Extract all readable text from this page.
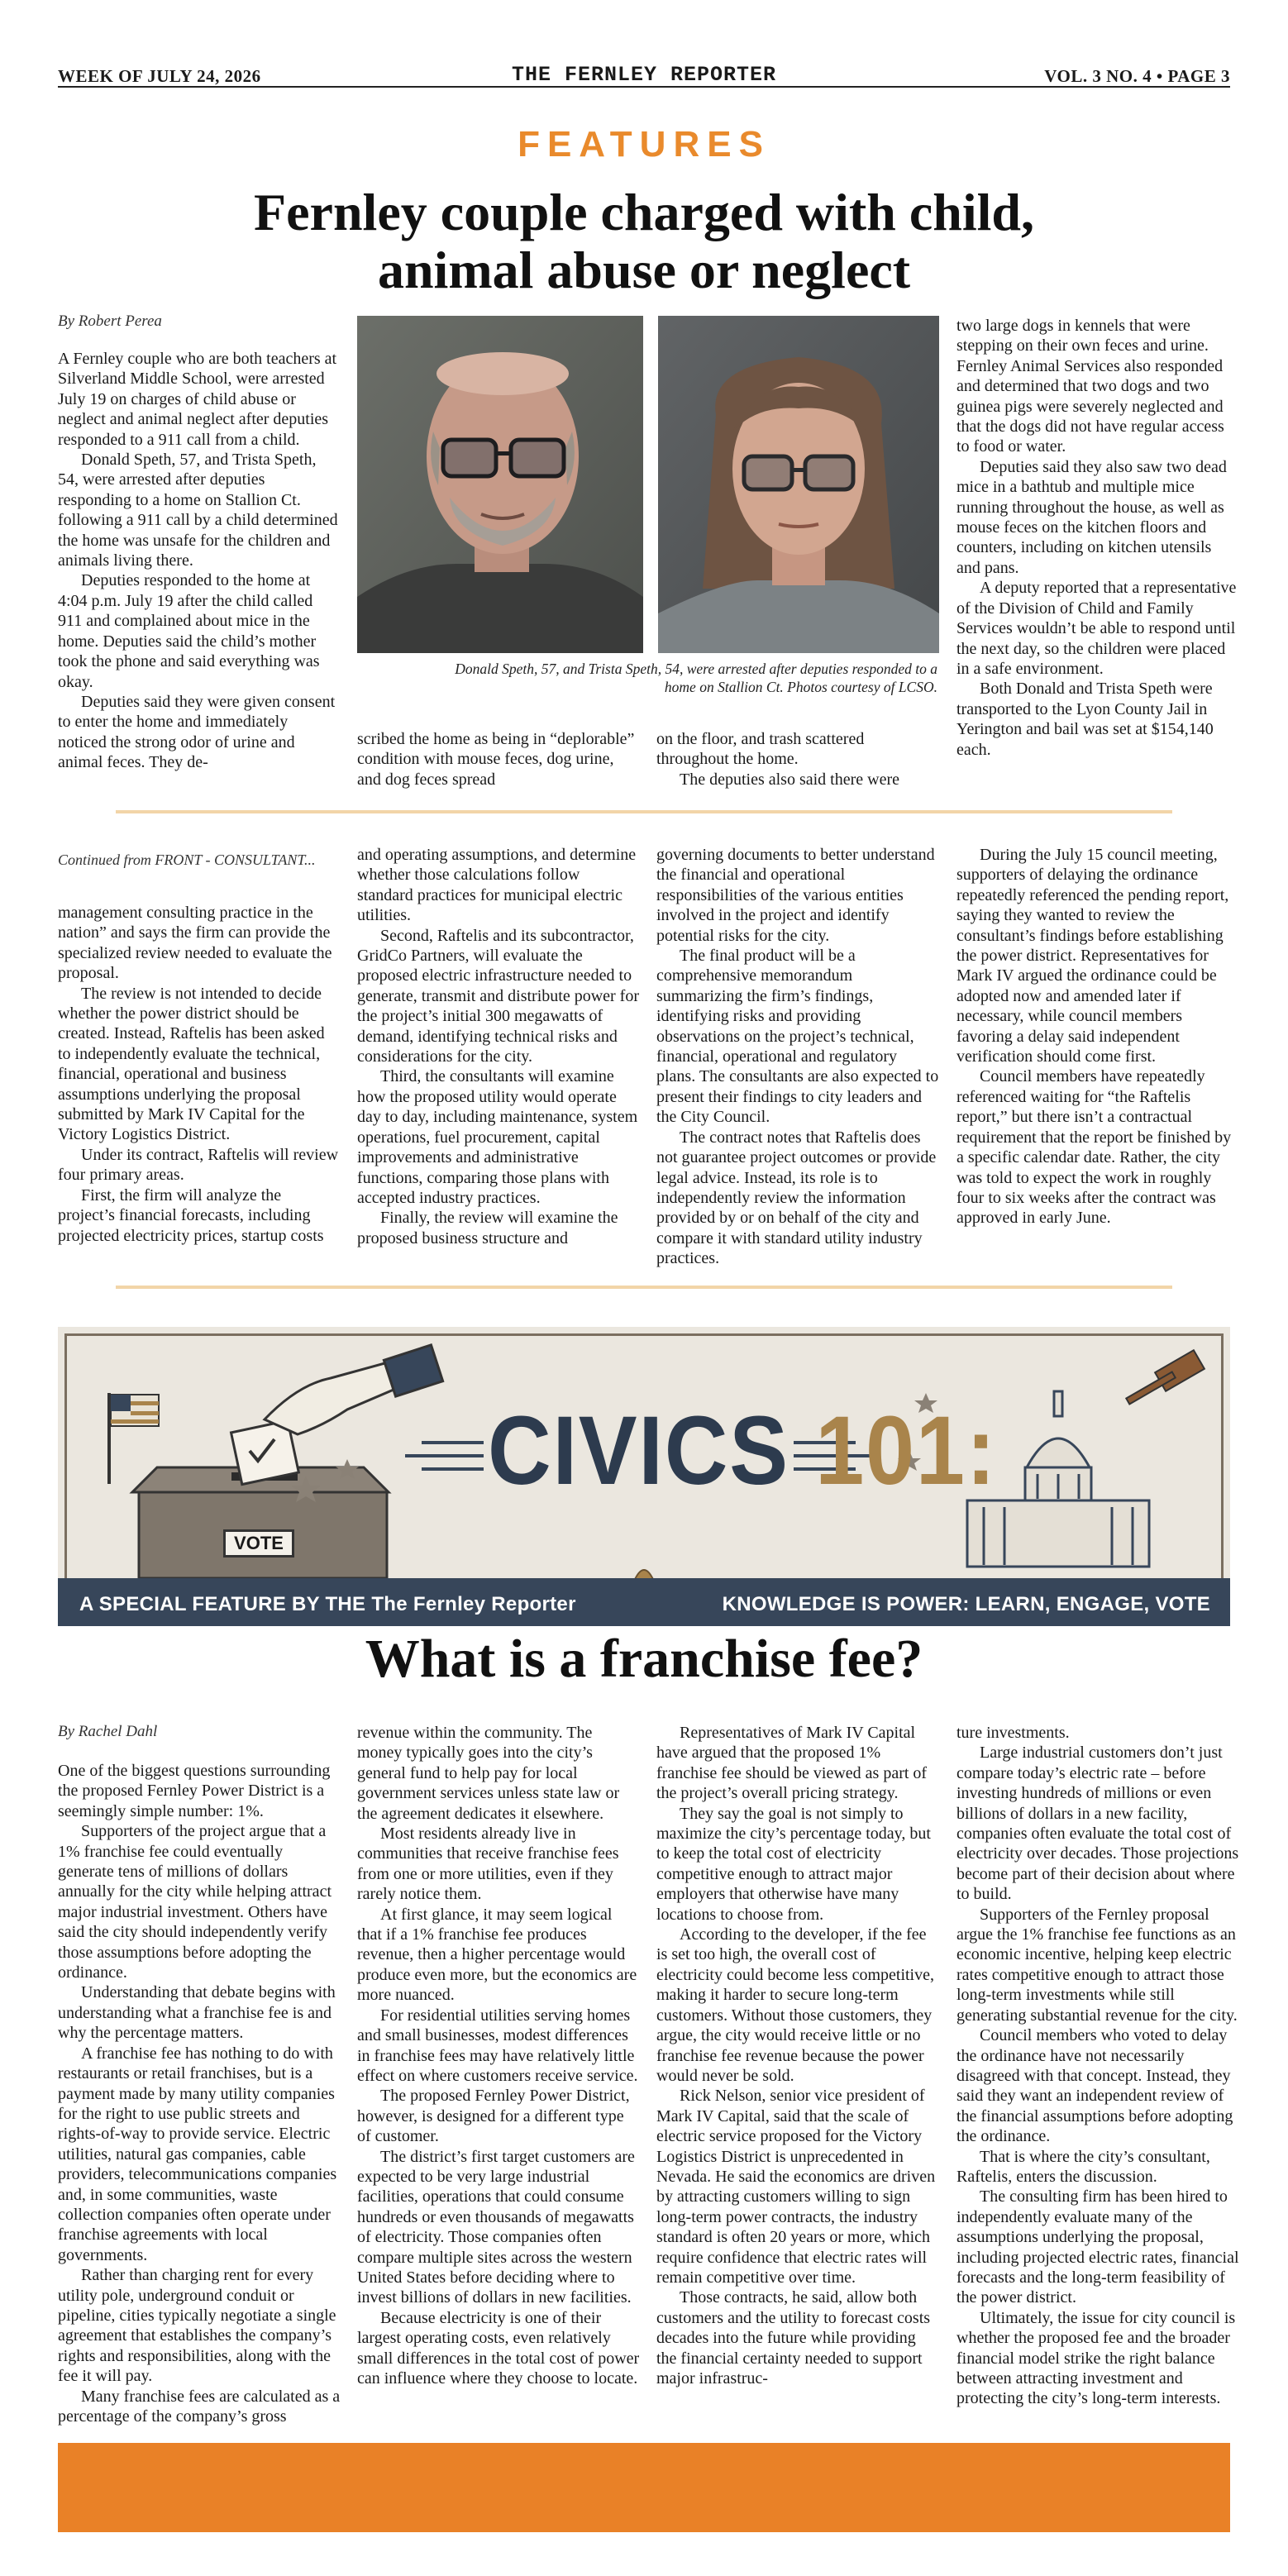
WEEK OF JULY 24, 2026	THE FERNLEY REPORTER	VOL. 3 NO. 4 • PAGE 3
FEATURES
Fernley couple charged with child,
animal abuse or neglect
By Robert Perea

A Fernley couple who are both teachers at Silverland Middle School, were arrested July 19 on charges of child abuse or neglect and animal neglect after deputies responded to a 911 call from a child.

Donald Speth, 57, and Trista Speth, 54, were arrested after deputies responding to a home on Stallion Ct. following a 911 call by a child determined the home was unsafe for the children and animals living there.

Deputies responded to the home at 4:04 p.m. July 19 after the child called 911 and complained about mice in the home. Deputies said the child’s mother took the phone and said everything was okay.

Deputies said they were given consent to enter the home and immediately noticed the strong odor of urine and animal feces. They de-

Donald Speth, 57, and Trista Speth, 54, were arrested after deputies responded to a
home on Stallion Ct. Photos courtesy of LCSO.

scribed the home as being in “deplorable” condition with mouse feces, dog urine, and dog feces spread

on the floor, and trash scattered throughout the home.

The deputies also said there were

two large dogs in kennels that were stepping on their own feces and urine. Fernley Animal Services also responded and determined that two dogs and two guinea pigs were severely neglected and that the dogs did not have regular access to food or water.

Deputies said they also saw two dead mice in a bathtub and multiple mice running throughout the house, as well as mouse feces on the kitchen floors and counters, including on kitchen utensils and pans.

A deputy reported that a representative of the Division of Child and Family Services wouldn’t be able to respond until the next day, so the children were placed in a safe environment.

Both Donald and Trista Speth were transported to the Lyon County Jail in Yerington and bail was set at $154,140 each.

Continued from FRONT - CONSULTANT...

management consulting practice in the nation” and says the firm can provide the specialized review needed to evaluate the proposal.

The review is not intended to decide whether the power district should be created. Instead, Raftelis has been asked to independently evaluate the technical, financial, operational and business assumptions underlying the proposal submitted by Mark IV Capital for the Victory Logistics District.

Under its contract, Raftelis will review four primary areas.

First, the firm will analyze the project’s financial forecasts, including projected electricity prices, startup costs

and operating assumptions, and determine whether those calculations follow standard practices for municipal electric utilities.

Second, Raftelis and its subcontractor, GridCo Partners, will evaluate the proposed electric infrastructure needed to generate, transmit and distribute power for the project’s initial 300 megawatts of demand, identifying technical risks and considerations for the city.

Third, the consultants will examine how the proposed utility would operate day to day, including maintenance, system operations, fuel procurement, capital improvements and administrative functions, comparing those plans with accepted industry practices.

Finally, the review will examine the proposed business structure and

governing documents to better understand the financial and operational responsibilities of the various entities involved in the project and identify potential risks for the city.

The final product will be a comprehensive memorandum summarizing the firm’s findings, identifying risks and providing observations on the project’s technical, financial, operational and regulatory plans. The consultants are also expected to present their findings to city leaders and the City Council.

The contract notes that Raftelis does not guarantee project outcomes or provide legal advice. Instead, its role is to independently review the information provided by or on behalf of the city and compare it with standard utility industry practices.

During the July 15 council meeting, supporters of delaying the ordinance repeatedly referenced the pending report, saying they wanted to review the consultant’s findings before establishing the power district. Representatives for Mark IV argued the ordinance could be adopted now and amended later if necessary, while council members favoring a delay said independent verification should come first.

Council members have repeatedly referenced waiting for “the Raftelis report,” but there isn’t a contractual requirement that the report be finished by a specific calendar date. Rather, the city was told to expect the work in roughly four to six weeks after the contract was approved in early June.

VOTE
CIVICS 101:
A SPECIAL FEATURE BY THE The Fernley Reporter	KNOWLEDGE IS POWER: LEARN, ENGAGE, VOTE
What is a franchise fee?
By Rachel Dahl

One of the biggest questions surrounding the proposed Fernley Power District is a seemingly simple number: 1%.

Supporters of the project argue that a 1% franchise fee could eventually generate tens of millions of dollars annually for the city while helping attract major industrial investment. Others have said the city should independently verify those assumptions before adopting the ordinance.

Understanding that debate begins with understanding what a franchise fee is and why the percentage matters.

A franchise fee has nothing to do with restaurants or retail franchises, but is a payment made by many utility companies for the right to use public streets and rights-of-way to provide service. Electric utilities, natural gas companies, cable providers, telecommunications companies and, in some communities, waste collection companies often operate under franchise agreements with local governments.

Rather than charging rent for every utility pole, underground conduit or pipeline, cities typically negotiate a single agreement that establishes the company’s rights and responsibilities, along with the fee it will pay.

Many franchise fees are calculated as a percentage of the company’s gross

revenue within the community. The money typically goes into the city’s general fund to help pay for local government services unless state law or the agreement dedicates it elsewhere.

Most residents already live in communities that receive franchise fees from one or more utilities, even if they rarely notice them.

At first glance, it may seem logical that if a 1% franchise fee produces revenue, then a higher percentage would produce even more, but the economics are more nuanced.

For residential utilities serving homes and small businesses, modest differences in franchise fees may have relatively little effect on where customers receive service.

The proposed Fernley Power District, however, is designed for a different type of customer.

The district’s first target customers are expected to be very large industrial facilities, operations that could consume hundreds or even thousands of megawatts of electricity. Those companies often compare multiple sites across the western United States before deciding where to invest billions of dollars in new facilities.

Because electricity is one of their largest operating costs, even relatively small differences in the total cost of power can influence where they choose to locate.

Representatives of Mark IV Capital have argued that the proposed 1% franchise fee should be viewed as part of the project’s overall pricing strategy.

They say the goal is not simply to maximize the city’s percentage today, but to keep the total cost of electricity competitive enough to attract major employers that otherwise have many locations to choose from.

According to the developer, if the fee is set too high, the overall cost of electricity could become less competitive, making it harder to secure long-term customers. Without those customers, they argue, the city would receive little or no franchise fee revenue because the power would never be sold.

Rick Nelson, senior vice president of Mark IV Capital, said that the scale of electric service proposed for the Victory Logistics District is unprecedented in Nevada. He said the economics are driven by attracting customers willing to sign long-term power contracts, the industry standard is often 20 years or more, which require confidence that electric rates will remain competitive over time.

Those contracts, he said, allow both customers and the utility to forecast costs decades into the future while providing the financial certainty needed to support major infrastruc-

ture investments.

Large industrial customers don’t just compare today’s electric rate – before investing hundreds of millions or even billions of dollars in a new facility, companies often evaluate the total cost of electricity over decades. Those projections become part of their decision about where to build.

Supporters of the Fernley proposal argue the 1% franchise fee functions as an economic incentive, helping keep electric rates competitive enough to attract those long-term investments while still generating substantial revenue for the city.

Council members who voted to delay the ordinance have not necessarily disagreed with that concept. Instead, they said they want an independent review of the financial assumptions before adopting the ordinance.

That is where the city’s consultant, Raftelis, enters the discussion.

The consulting firm has been hired to independently evaluate many of the assumptions underlying the proposal, including projected electric rates, financial forecasts and the long-term feasibility of the power district.

Ultimately, the issue for city council is whether the proposed fee and the broader financial model strike the right balance between attracting investment and protecting the city’s long-term interests.
